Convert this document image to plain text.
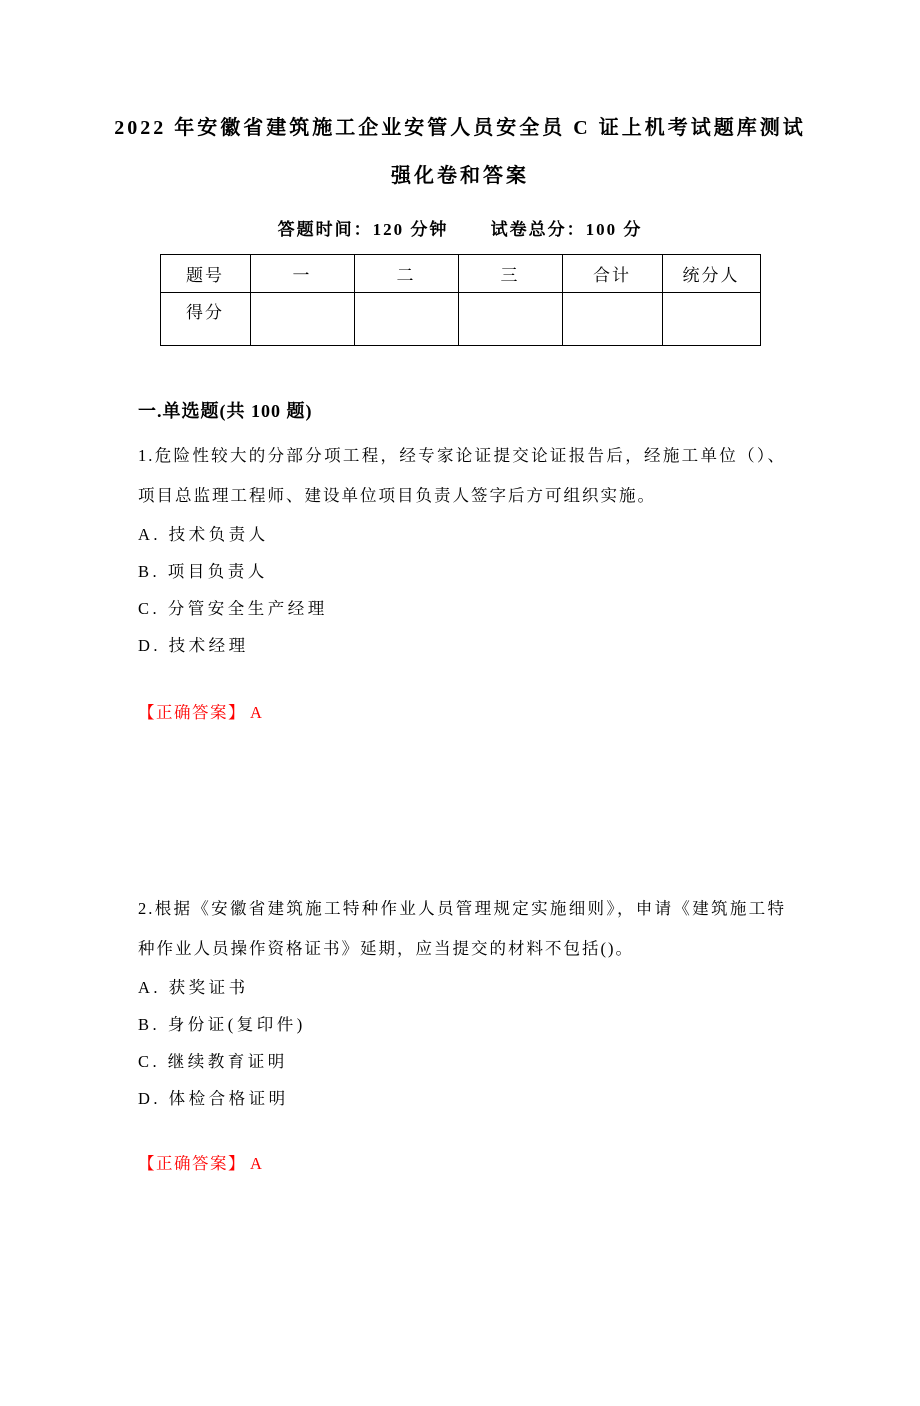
2022 年安徽省建筑施工企业安管人员安全员 C 证上机考试题库测试
强化卷和答案
答题时间：120 分钟 试卷总分：100 分
题号	一	二	三	合计	统分人
得分					
一.单选题(共 100 题)

1.危险性较大的分部分项工程，经专家论证提交论证报告后，经施工单位（）、项目总监理工程师、建设单位项目负责人签字后方可组织实施。

A. 技术负责人
B. 项目负责人
C. 分管安全生产经理
D. 技术经理

【正确答案】 A

2.根据《安徽省建筑施工特种作业人员管理规定实施细则》，申请《建筑施工特种作业人员操作资格证书》延期，应当提交的材料不包括()。

A. 获奖证书
B. 身份证(复印件)
C. 继续教育证明
D. 体检合格证明

【正确答案】 A
